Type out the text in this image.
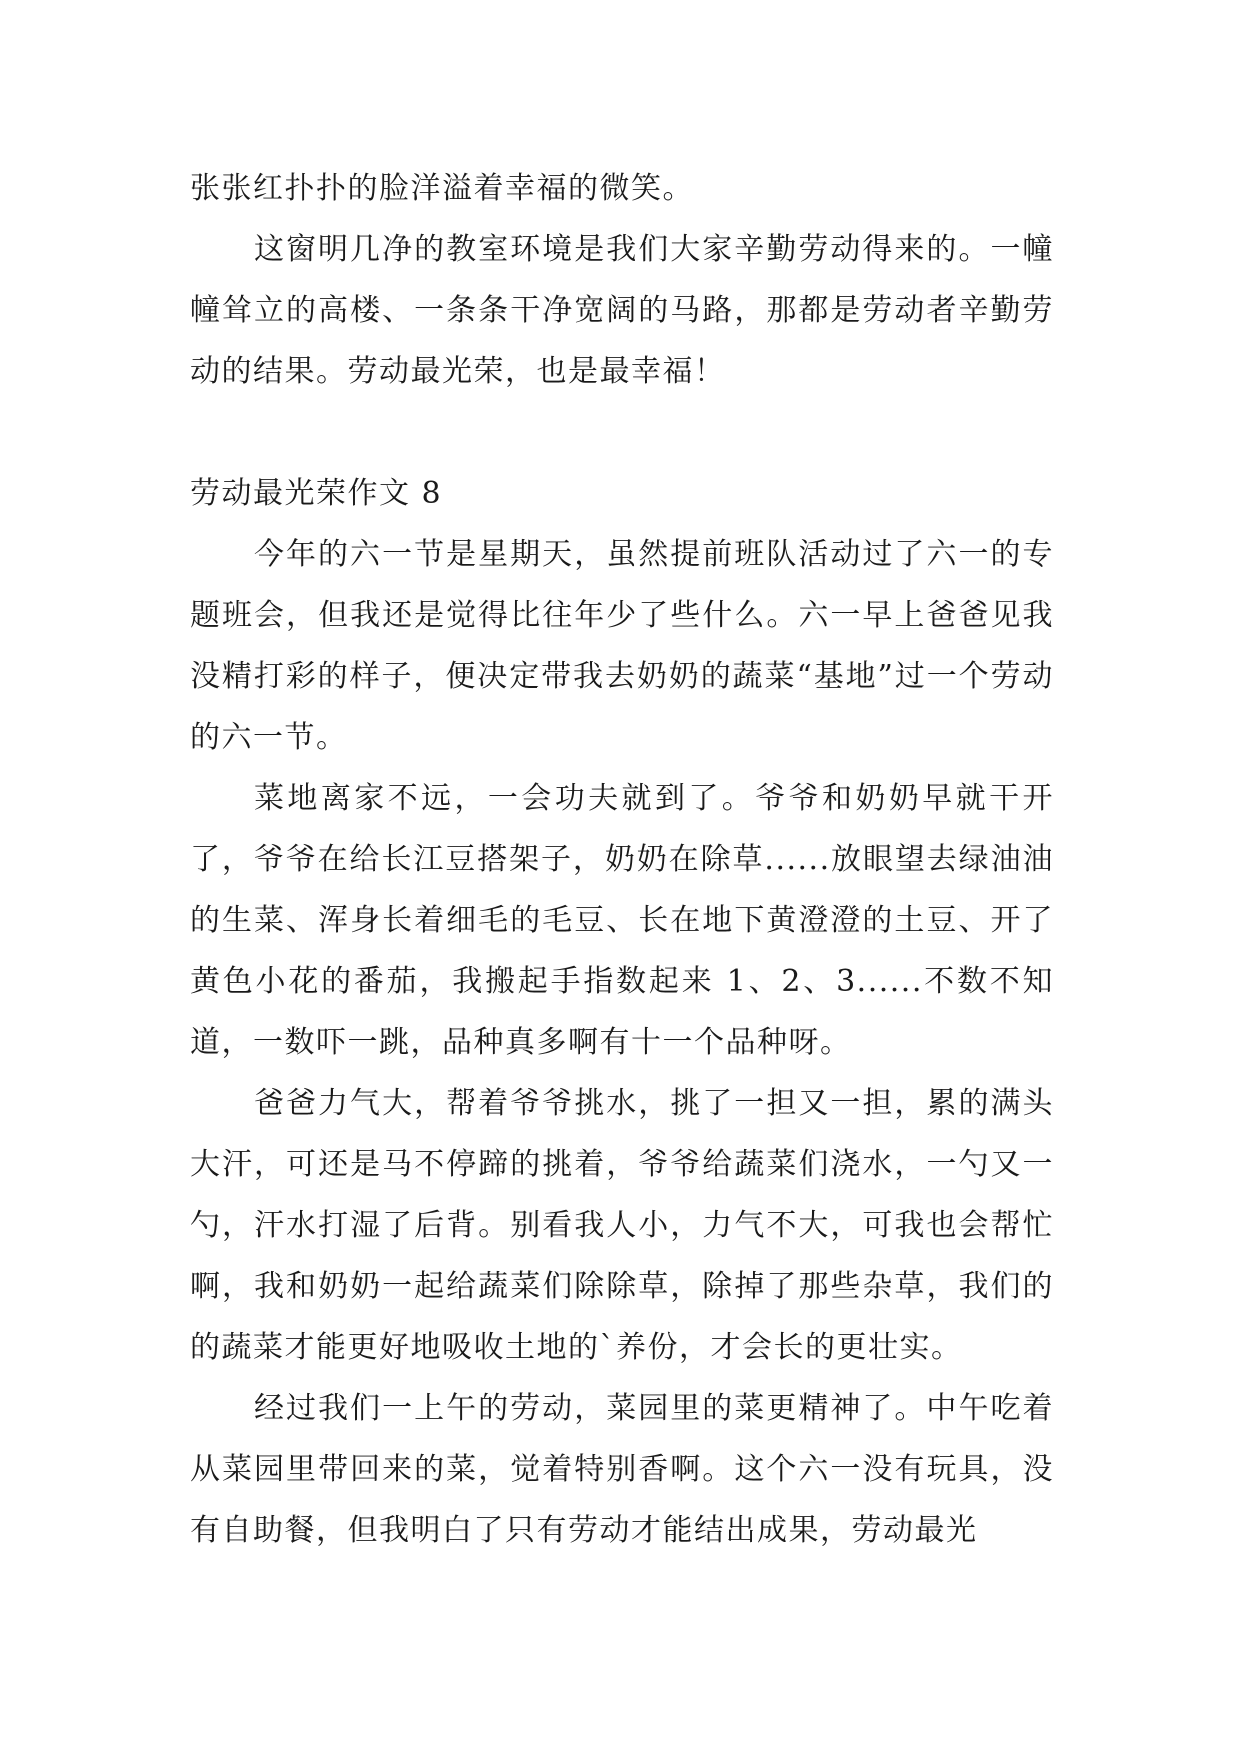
张张红扑扑的脸洋溢着幸福的微笑。

这窗明几净的教室环境是我们大家辛勤劳动得来的。一幢幢耸立的高楼、一条条干净宽阔的马路，那都是劳动者辛勤劳动的结果。劳动最光荣，也是最幸福！

劳动最光荣作文 8

今年的六一节是星期天，虽然提前班队活动过了六一的专题班会，但我还是觉得比往年少了些什么。六一早上爸爸见我没精打彩的样子，便决定带我去奶奶的蔬菜“基地”过一个劳动的六一节。

菜地离家不远，一会功夫就到了。爷爷和奶奶早就干开了，爷爷在给长江豆搭架子，奶奶在除草......放眼望去绿油油的生菜、浑身长着细毛的毛豆、长在地下黄澄澄的土豆、开了黄色小花的番茄，我搬起手指数起来 1、2、3......不数不知道，一数吓一跳，品种真多啊有十一个品种呀。

爸爸力气大，帮着爷爷挑水，挑了一担又一担，累的满头大汗，可还是马不停蹄的挑着，爷爷给蔬菜们浇水，一勺又一勺，汗水打湿了后背。别看我人小，力气不大，可我也会帮忙啊，我和奶奶一起给蔬菜们除除草，除掉了那些杂草，我们的的蔬菜才能更好地吸收土地的`养份，才会长的更壮实。

经过我们一上午的劳动，菜园里的菜更精神了。中午吃着从菜园里带回来的菜，觉着特别香啊。这个六一没有玩具，没有自助餐，但我明白了只有劳动才能结出成果，劳动最光
